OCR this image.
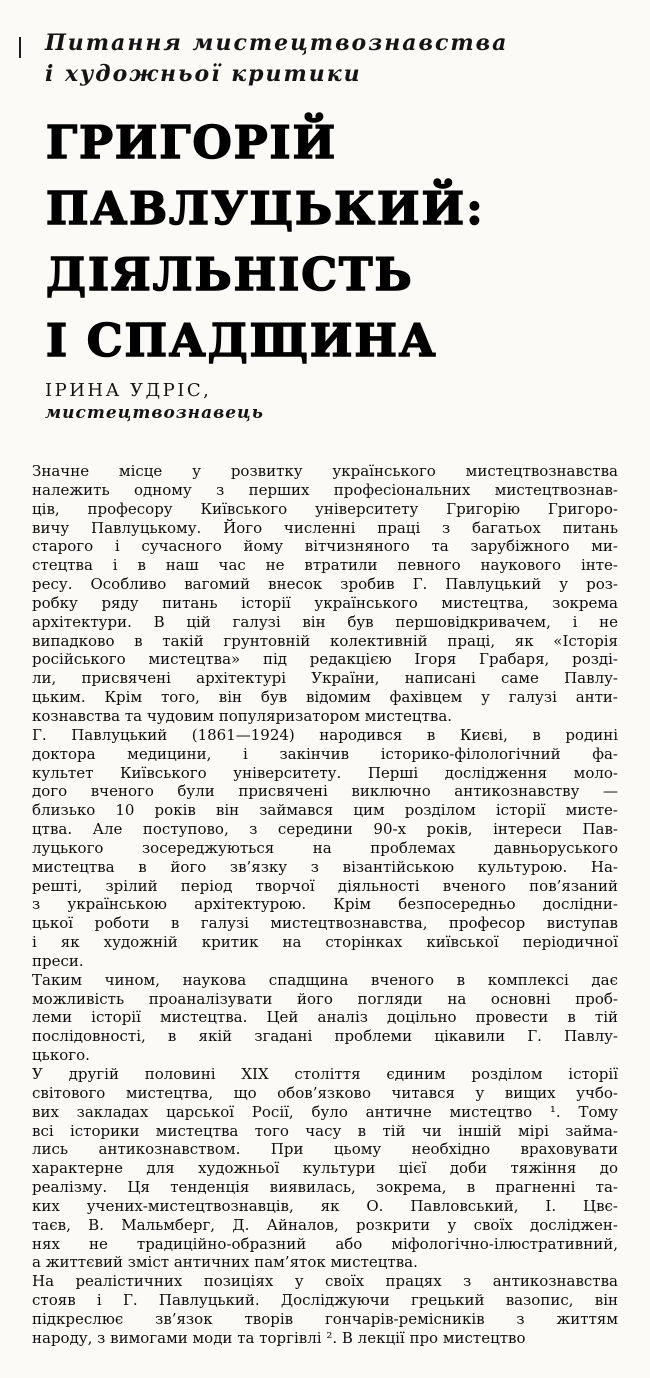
Питання мистецтвознавства
і художньої критики
ГРИГОРІЙ
ПАВЛУЦЬКИЙ:
ДІЯЛЬНІСТЬ
І СПАДЩИНА
ІРИНА УДРІС,
мистецтвознавець
Значне місце у розвитку українського мистецтвознавства
належить одному з перших професіональних мистецтвознав-
ців, професору Київського університету Григорію Григоро-
вичу Павлуцькому. Його численні праці з багатьох питань
старого і сучасного йому вітчизняного та зарубіжного ми-
стецтва і в наш час не втратили певного наукового інте-
ресу. Особливо вагомий внесок зробив Г. Павлуцький у роз-
робку ряду питань історії українського мистецтва, зокрема
архітектури. В цій галузі він був першовідкривачем, і не
випадково в такій грунтовній колективній праці, як «Історія
російського мистецтва» під редакцією Ігоря Грабаря, розді-
ли, присвячені архітектурі України, написані саме Павлу-
цьким. Крім того, він був відомим фахівцем у галузі анти-
кознавства та чудовим популяризатором мистецтва.
Г. Павлуцький (1861—1924) народився в Києві, в родині
доктора медицини, і закінчив історико-філологічний фа-
культет Київського університету. Перші дослідження моло-
дого вченого були присвячені виключно антикознавству —
близько 10 років він займався цим розділом історії мисте-
цтва. Але поступово, з середини 90-х років, інтереси Пав-
луцького зосереджуються на проблемах давньоруського
мистецтва в його зв’язку з візантійською культурою. На-
решті, зрілий період творчої діяльності вченого пов’язаний
з українською архітектурою. Крім безпосередньо дослідни-
цької роботи в галузі мистецтвознавства, професор виступав
і як художній критик на сторінках київської періодичної
преси.
Таким чином, наукова спадщина вченого в комплексі дає
можливість проаналізувати його погляди на основні проб-
леми історії мистецтва. Цей аналіз доцільно провести в тій
послідовності, в якій згадані проблеми цікавили Г. Павлу-
цького.
У другій половині XIX століття єдиним розділом історії
світового мистецтва, що обов’язково читався у вищих учбо-
вих закладах царської Росії, було античне мистецтво ¹. Тому
всі історики мистецтва того часу в тій чи іншій мірі займа-
лись антикознавством. При цьому необхідно враховувати
характерне для художньої культури цієї доби тяжіння до
реалізму. Ця тенденція виявилась, зокрема, в прагненні та-
ких учених-мистецтвознавців, як О. Павловський, І. Цвє-
таєв, В. Мальмберг, Д. Айналов, розкрити у своїх досліджен-
нях не традиційно-образний або міфологічно-ілюстративний,
а життєвий зміст античних пам’яток мистецтва.
На реалістичних позиціях у своїх працях з антикознавства
стояв і Г. Павлуцький. Досліджуючи грецький вазопис, він
підкреслює зв’язок творів гончарів-ремісників з життям
народу, з вимогами моди та торгівлі ². В лекції про мистецтво
